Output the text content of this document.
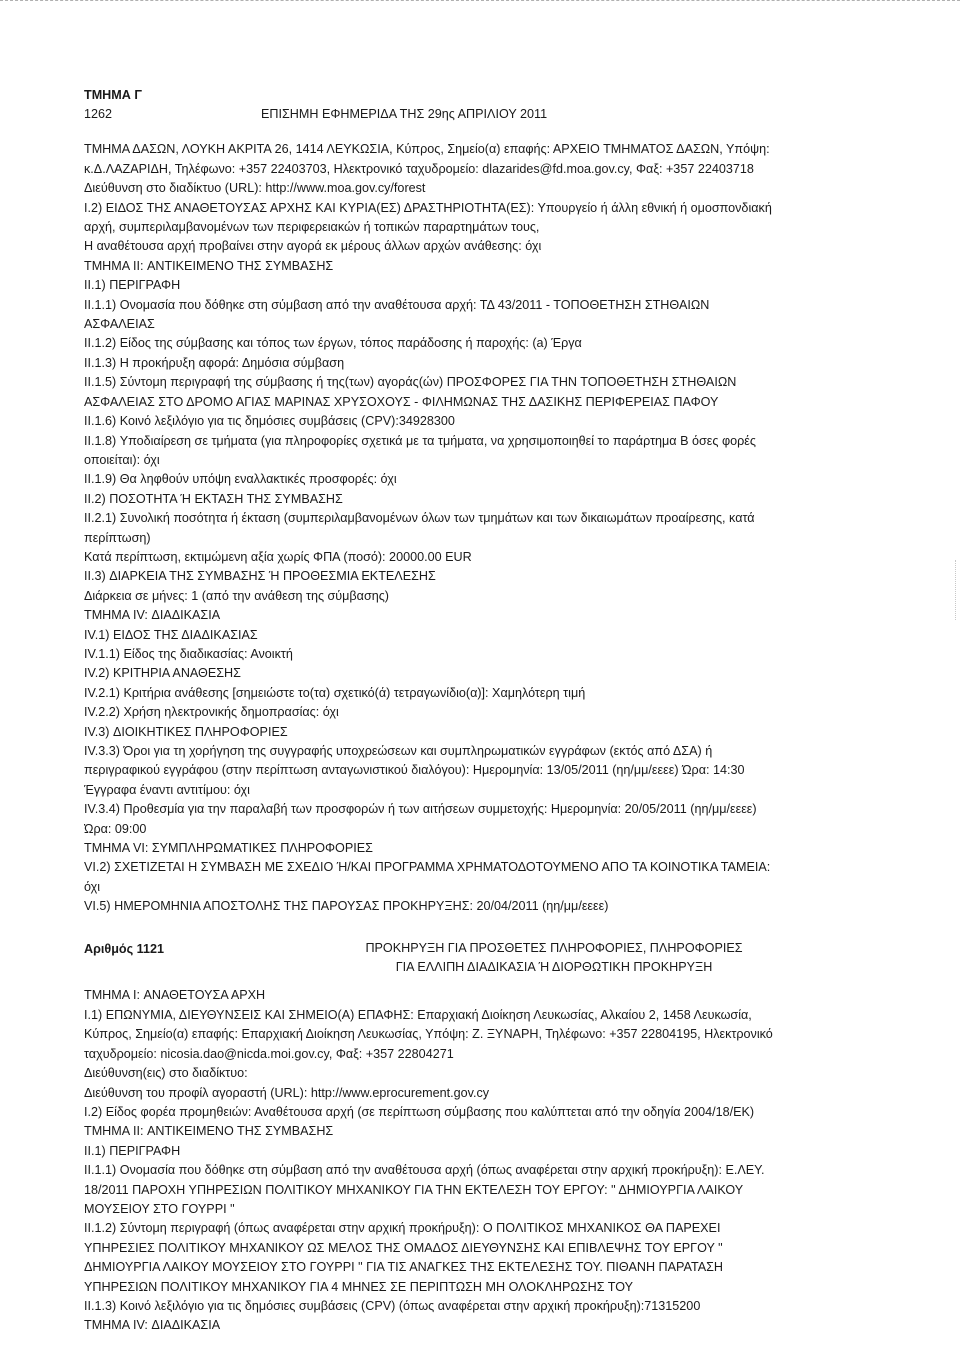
ΤΜΗΜΑ Γ
1262	ΕΠΙΣΗΜΗ ΕΦΗΜΕΡΙΔΑ ΤΗΣ 29ης ΑΠΡΙΛΙΟΥ 2011
ΤΜΗΜΑ ΔΑΣΩΝ, ΛΟΥΚΗ ΑΚΡΙΤΑ 26, 1414 ΛΕΥΚΩΣΙΑ, Κύπρος, Σημείο(α) επαφής: ΑΡΧΕΙΟ ΤΜΗΜΑΤΟΣ ΔΑΣΩΝ, Υπόψη:
κ.Δ.ΛΑΖΑΡΙΔΗ, Τηλέφωνο: +357 22403703, Ηλεκτρονικό ταχυδρομείο: dlazarides@fd.moa.gov.cy, Φαξ: +357 22403718
Διεύθυνση στο διαδίκτυο (URL): http://www.moa.gov.cy/forest
I.2) ΕΙΔΟΣ ΤΗΣ ΑΝΑΘΕΤΟΥΣΑΣ ΑΡΧΗΣ ΚΑΙ ΚΥΡΙΑ(ΕΣ) ΔΡΑΣΤΗΡΙΟΤΗΤΑ(ΕΣ): Υπουργείο ή άλλη εθνική ή ομοσπονδιακή
αρχή, συμπεριλαμβανομένων των περιφερειακών ή τοπικών παραρτημάτων τους,
Η αναθέτουσα αρχή προβαίνει στην αγορά εκ μέρους άλλων αρχών ανάθεσης: όχι
ΤΜΗΜΑ II: ΑΝΤΙΚΕΙΜΕΝΟ ΤΗΣ ΣΥΜΒΑΣΗΣ
II.1) ΠΕΡΙΓΡΑΦΗ
II.1.1) Ονομασία που δόθηκε στη σύμβαση από την αναθέτουσα αρχή: ΤΔ 43/2011 - ΤΟΠΟΘΕΤΗΣΗ ΣΤΗΘΑΙΩΝ
ΑΣΦΑΛΕΙΑΣ
II.1.2) Είδος της σύμβασης και τόπος των έργων, τόπος παράδοσης ή παροχής: (a) Έργα
II.1.3) Η προκήρυξη αφορά: Δημόσια σύμβαση
II.1.5) Σύντομη περιγραφή της σύμβασης ή της(των) αγοράς(ών) ΠΡΟΣΦΟΡΕΣ ΓΙΑ ΤΗΝ ΤΟΠΟΘΕΤΗΣΗ ΣΤΗΘΑΙΩΝ
ΑΣΦΑΛΕΙΑΣ ΣΤΟ ΔΡΟΜΟ ΑΓΙΑΣ ΜΑΡΙΝΑΣ ΧΡΥΣΟΧΟΥΣ - ΦΙΛΗΜΩΝΑΣ ΤΗΣ ΔΑΣΙΚΗΣ ΠΕΡΙΦΕΡΕΙΑΣ ΠΑΦΟΥ
II.1.6) Κοινό λεξιλόγιο για τις δημόσιες συμβάσεις (CPV):34928300
II.1.8) Υποδιαίρεση σε τμήματα (για πληροφορίες σχετικά με τα τμήματα, να χρησιμοποιηθεί το παράρτημα Β όσες φορές
οποιείται): όχι
II.1.9) Θα ληφθούν υπόψη εναλλακτικές προσφορές: όχι
II.2) ΠΟΣΟΤΗΤΑ Ή ΕΚΤΑΣΗ ΤΗΣ ΣΥΜΒΑΣΗΣ
II.2.1) Συνολική ποσότητα ή έκταση (συμπεριλαμβανομένων όλων των τμημάτων και των δικαιωμάτων προαίρεσης, κατά
περίπτωση)
Κατά περίπτωση, εκτιμώμενη αξία χωρίς ΦΠΑ (ποσό): 20000.00 EUR
II.3) ΔΙΑΡΚΕΙΑ ΤΗΣ ΣΥΜΒΑΣΗΣ Ή ΠΡΟΘΕΣΜΙΑ ΕΚΤΕΛΕΣΗΣ
Διάρκεια σε μήνες: 1 (από την ανάθεση της σύμβασης)
ΤΜΗΜΑ IV: ΔΙΑΔΙΚΑΣΙΑ
IV.1) ΕΙΔΟΣ ΤΗΣ ΔΙΑΔΙΚΑΣΙΑΣ
IV.1.1) Είδος της διαδικασίας: Ανοικτή
IV.2) ΚΡΙΤΗΡΙΑ ΑΝΑΘΕΣΗΣ
IV.2.1) Κριτήρια ανάθεσης [σημειώστε το(τα) σχετικό(ά) τετραγωνίδιο(α)]: Χαμηλότερη τιμή
IV.2.2) Χρήση ηλεκτρονικής δημοπρασίας: όχι
IV.3) ΔΙΟΙΚΗΤΙΚΕΣ ΠΛΗΡΟΦΟΡΙΕΣ
IV.3.3) Όροι για τη χορήγηση της συγγραφής υποχρεώσεων και συμπληρωματικών εγγράφων (εκτός από ΔΣΑ) ή
περιγραφικού εγγράφου (στην περίπτωση ανταγωνιστικού διαλόγου): Ημερομηνία: 13/05/2011 (ηη/μμ/εεεε) Ώρα: 14:30
Έγγραφα έναντι αντιτίμου: όχι
IV.3.4) Προθεσμία για την παραλαβή των προσφορών ή των αιτήσεων συμμετοχής: Ημερομηνία: 20/05/2011 (ηη/μμ/εεεε)
Ώρα: 09:00
ΤΜΗΜΑ VI: ΣΥΜΠΛΗΡΩΜΑΤΙΚΕΣ ΠΛΗΡΟΦΟΡΙΕΣ
VI.2) ΣΧΕΤΙΖΕΤΑΙ Η ΣΥΜΒΑΣΗ ΜΕ ΣΧΕΔΙΟ Ή/ΚΑΙ ΠΡΟΓΡΑΜΜΑ ΧΡΗΜΑΤΟΔΟΤΟΥΜΕΝΟ ΑΠΟ ΤΑ ΚΟΙΝΟΤΙΚΑ ΤΑΜΕΙΑ:
όχι
VI.5) ΗΜΕΡΟΜΗΝΙΑ ΑΠΟΣΤΟΛΗΣ ΤΗΣ ΠΑΡΟΥΣΑΣ ΠΡΟΚΗΡΥΞΗΣ: 20/04/2011 (ηη/μμ/εεεε)
Αριθμός 1121	ΠΡΟΚΗΡΥΞΗ ΓΙΑ ΠΡΟΣΘΕΤΕΣ ΠΛΗΡΟΦΟΡΙΕΣ, ΠΛΗΡΟΦΟΡΙΕΣ
ΓΙΑ ΕΛΛΙΠΗ ΔΙΑΔΙΚΑΣΙΑ Ή ΔΙΟΡΘΩΤΙΚΗ ΠΡΟΚΗΡΥΞΗ
ΤΜΗΜΑ I: ΑΝΑΘΕΤΟΥΣΑ ΑΡΧΗ
I.1) ΕΠΩΝΥΜΙΑ, ΔΙΕΥΘΥΝΣΕΙΣ ΚΑΙ ΣΗΜΕΙΟ(Α) ΕΠΑΦΗΣ: Επαρχιακή Διοίκηση Λευκωσίας, Αλκαίου 2, 1458 Λευκωσία,
Κύπρος, Σημείο(α) επαφής: Επαρχιακή Διοίκηση Λευκωσίας, Υπόψη: Ζ. ΞΥΝΑΡΗ, Τηλέφωνο: +357 22804195, Ηλεκτρονικό
ταχυδρομείο: nicosia.dao@nicda.moi.gov.cy, Φαξ: +357 22804271
Διεύθυνση(εις) στο διαδίκτυο:
Διεύθυνση του προφίλ αγοραστή (URL): http://www.eprocurement.gov.cy
I.2) Είδος φορέα προμηθειών: Αναθέτουσα αρχή (σε περίπτωση σύμβασης που καλύπτεται από την οδηγία 2004/18/ΕΚ)
ΤΜΗΜΑ II: ΑΝΤΙΚΕΙΜΕΝΟ ΤΗΣ ΣΥΜΒΑΣΗΣ
II.1) ΠΕΡΙΓΡΑΦΗ
II.1.1) Ονομασία που δόθηκε στη σύμβαση από την αναθέτουσα αρχή (όπως αναφέρεται στην αρχική προκήρυξη): Ε.ΛΕΥ.
18/2011 ΠΑΡΟΧΗ ΥΠΗΡΕΣΙΩΝ ΠΟΛΙΤΙΚΟΥ ΜΗΧΑΝΙΚΟΥ ΓΙΑ ΤΗΝ ΕΚΤΕΛΕΣΗ ΤΟΥ ΕΡΓΟΥ: " ΔΗΜΙΟΥΡΓΙΑ ΛΑΙΚΟΥ
ΜΟΥΣΕΙΟΥ ΣΤΟ ΓΟΥΡΡΙ "
II.1.2) Σύντομη περιγραφή (όπως αναφέρεται στην αρχική προκήρυξη): Ο ΠΟΛΙΤΙΚΟΣ ΜΗΧΑΝΙΚΟΣ ΘΑ ΠΑΡΕΧΕΙ
ΥΠΗΡΕΣΙΕΣ ΠΟΛΙΤΙΚΟΥ ΜΗΧΑΝΙΚΟΥ ΩΣ ΜΕΛΟΣ ΤΗΣ ΟΜΑΔΟΣ ΔΙΕΥΘΥΝΣΗΣ ΚΑΙ ΕΠΙΒΛΕΨΗΣ ΤΟΥ ΕΡΓΟΥ "
ΔΗΜΙΟΥΡΓΙΑ ΛΑΙΚΟΥ ΜΟΥΣΕΙΟΥ ΣΤΟ ΓΟΥΡΡΙ " ΓΙΑ ΤΙΣ ΑΝΑΓΚΕΣ ΤΗΣ ΕΚΤΕΛΕΣΗΣ ΤΟΥ. ΠΙΘΑΝΗ ΠΑΡΑΤΑΣΗ
ΥΠΗΡΕΣΙΩΝ ΠΟΛΙΤΙΚΟΥ ΜΗΧΑΝΙΚΟΥ ΓΙΑ 4 ΜΗΝΕΣ ΣΕ ΠΕΡΙΠΤΩΣΗ ΜΗ ΟΛΟΚΛΗΡΩΣΗΣ ΤΟΥ
II.1.3) Κοινό λεξιλόγιο για τις δημόσιες συμβάσεις (CPV) (όπως αναφέρεται στην αρχική προκήρυξη):71315200
ΤΜΗΜΑ IV: ΔΙΑΔΙΚΑΣΙΑ
